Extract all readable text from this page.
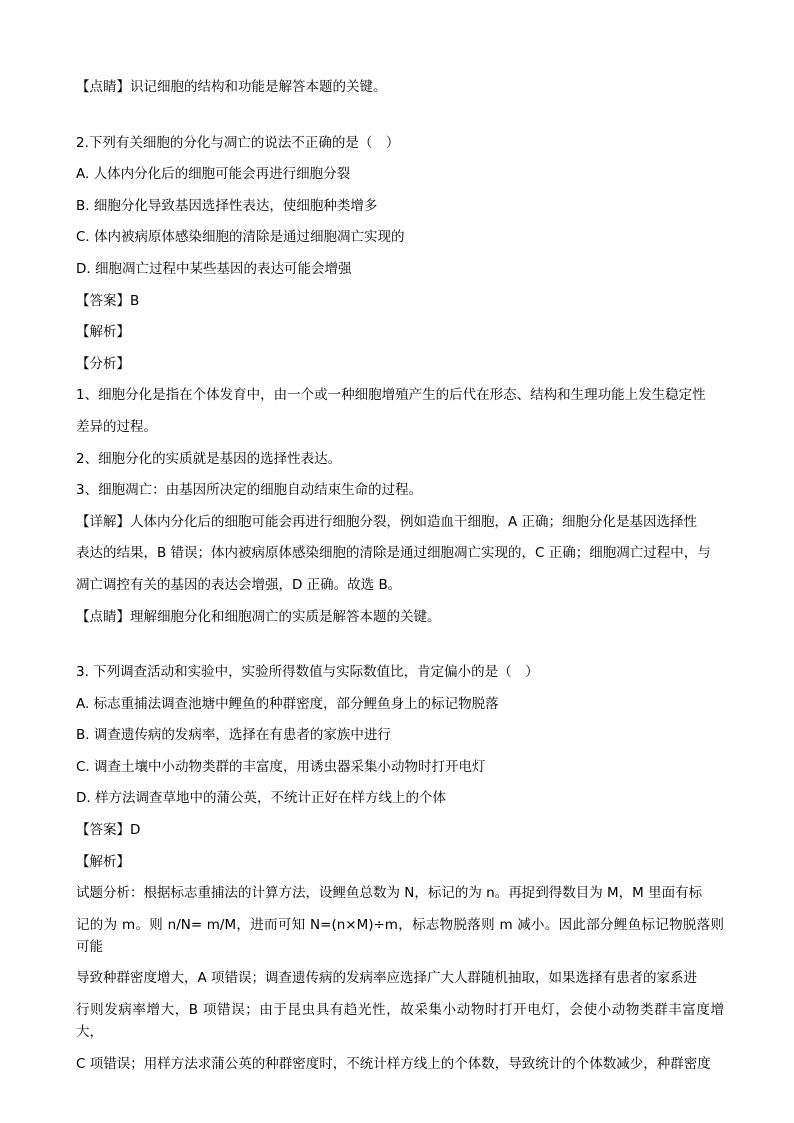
【点睛】识记细胞的结构和功能是解答本题的关键。

2.下列有关细胞的分化与凋亡的说法不正确的是（　）

A. 人体内分化后的细胞可能会再进行细胞分裂

B. 细胞分化导致基因选择性表达，使细胞种类增多

C. 体内被病原体感染细胞的清除是通过细胞凋亡实现的

D. 细胞凋亡过程中某些基因的表达可能会增强

【答案】B

【解析】

【分析】

1、细胞分化是指在个体发育中，由一个或一种细胞增殖产生的后代在形态、结构和生理功能上发生稳定性

差异的过程。

2、细胞分化的实质就是基因的选择性表达。

3、细胞凋亡：由基因所决定的细胞自动结束生命的过程。

【详解】人体内分化后的细胞可能会再进行细胞分裂，例如造血干细胞，A 正确；细胞分化是基因选择性

表达的结果，B 错误；体内被病原体感染细胞的清除是通过细胞凋亡实现的，C 正确；细胞凋亡过程中，与

凋亡调控有关的基因的表达会增强，D 正确。故选 B。

【点睛】理解细胞分化和细胞凋亡的实质是解答本题的关键。

3. 下列调查活动和实验中，实验所得数值与实际数值比，肯定偏小的是（　）

A. 标志重捕法调查池塘中鲤鱼的种群密度，部分鲤鱼身上的标记物脱落

B. 调查遗传病的发病率，选择在有患者的家族中进行

C. 调查土壤中小动物类群的丰富度，用诱虫器采集小动物时打开电灯

D. 样方法调查草地中的蒲公英，不统计正好在样方线上的个体

【答案】D

【解析】

试题分析：根据标志重捕法的计算方法，设鲤鱼总数为 N，标记的为 n。再捉到得数目为 M，M 里面有标

记的为 m。则 n/N= m/M，进而可知 N=(n×M)÷m，标志物脱落则 m 减小。因此部分鲤鱼标记物脱落则可能

导致种群密度增大，A 项错误；调查遗传病的发病率应选择广大人群随机抽取，如果选择有患者的家系进

行则发病率增大，B 项错误；由于昆虫具有趋光性，故采集小动物时打开电灯，会使小动物类群丰富度增大，

C 项错误；用样方法求蒲公英的种群密度时，不统计样方线上的个体数，导致统计的个体数减少，种群密度
